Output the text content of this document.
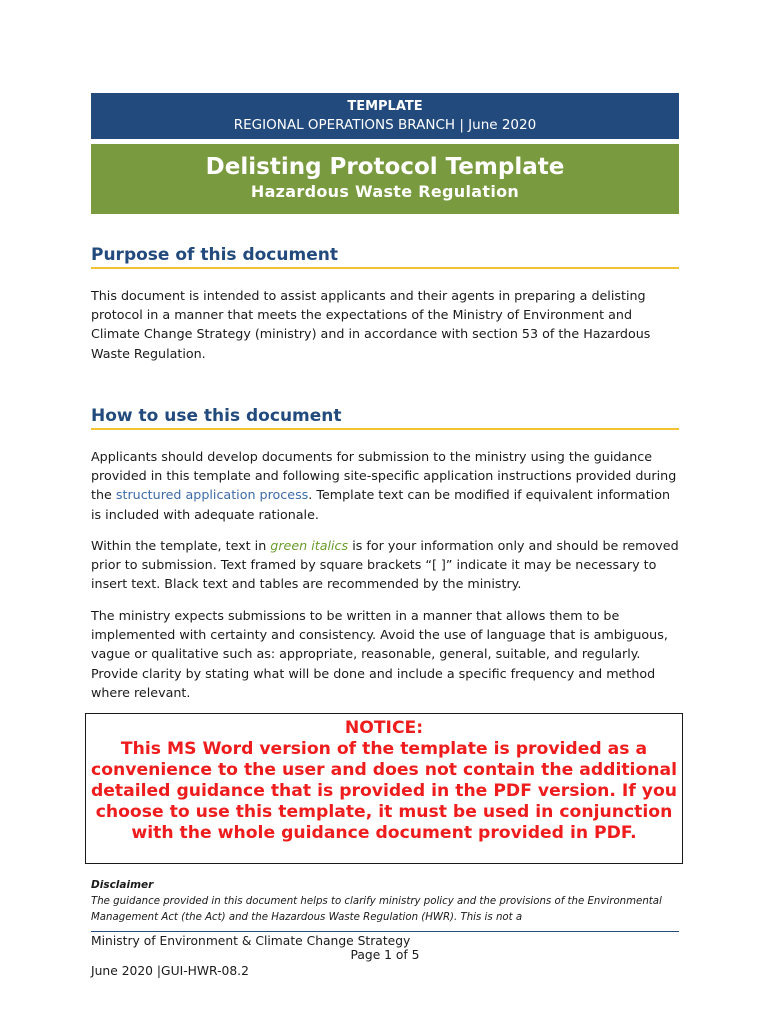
TEMPLATE
REGIONAL OPERATIONS BRANCH | June 2020
Delisting Protocol Template
Hazardous Waste Regulation
Purpose of this document
This document is intended to assist applicants and their agents in preparing a delisting protocol in a manner that meets the expectations of the Ministry of Environment and Climate Change Strategy (ministry) and in accordance with section 53 of the Hazardous Waste Regulation.
How to use this document
Applicants should develop documents for submission to the ministry using the guidance provided in this template and following site-specific application instructions provided during the structured application process. Template text can be modified if equivalent information is included with adequate rationale.
Within the template, text in green italics is for your information only and should be removed prior to submission. Text framed by square brackets “[ ]” indicate it may be necessary to insert text. Black text and tables are recommended by the ministry.
The ministry expects submissions to be written in a manner that allows them to be implemented with certainty and consistency. Avoid the use of language that is ambiguous, vague or qualitative such as: appropriate, reasonable, general, suitable, and regularly. Provide clarity by stating what will be done and include a specific frequency and method where relevant.
NOTICE:
This MS Word version of the template is provided as a convenience to the user and does not contain the additional detailed guidance that is provided in the PDF version. If you choose to use this template, it must be used in conjunction with the whole guidance document provided in PDF.
Disclaimer
The guidance provided in this document helps to clarify ministry policy and the provisions of the Environmental Management Act (the Act) and the Hazardous Waste Regulation (HWR). This is not a
Ministry of Environment & Climate Change Strategy
Page 1 of 5
June 2020 |GUI-HWR-08.2
